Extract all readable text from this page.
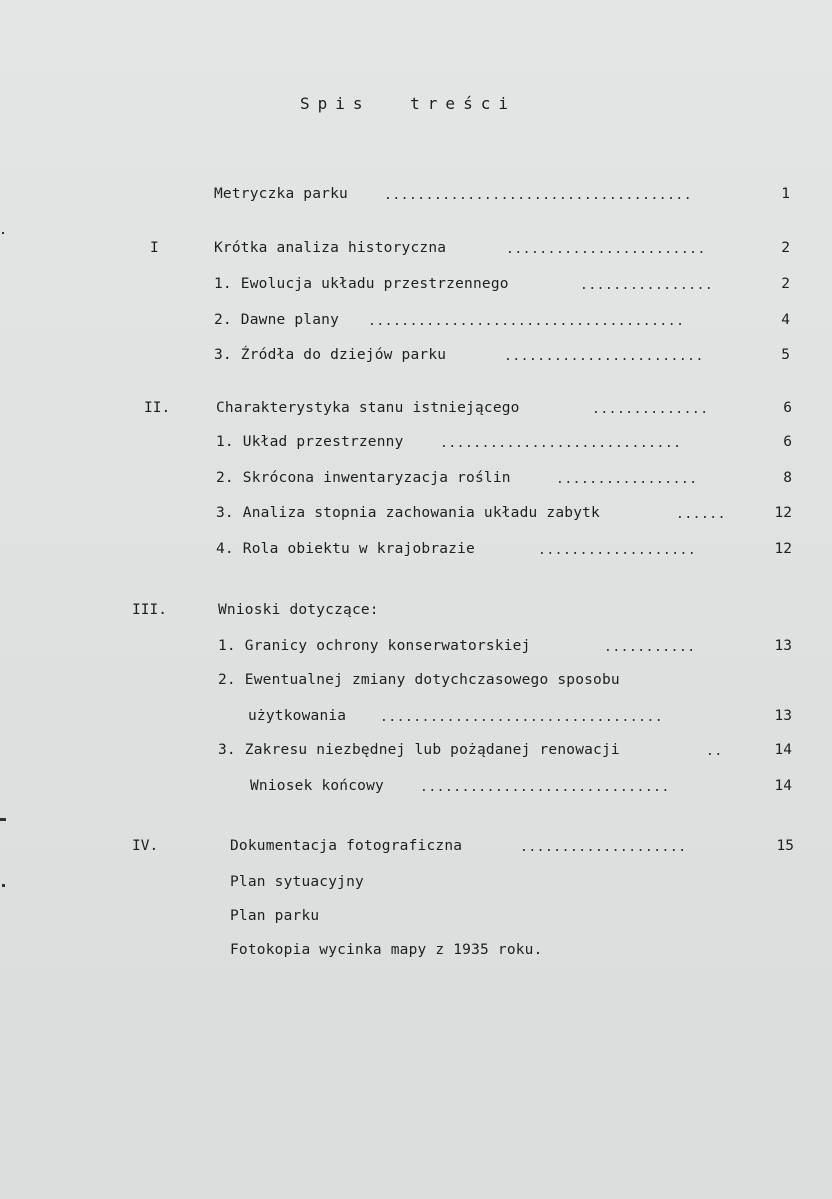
Spis treści
Metryczka parku	.....................................	1
I	Krótka analiza historyczna	........................	2
1. Ewolucja układu przestrzennego	................	2
2. Dawne plany ......................................	4
3. Źródła do dziejów parku	........................	5
II.	Charakterystyka stanu istniejącego	..............	6
1. Układ przestrzenny	.............................	6
2. Skrócona inwentaryzacja roślin	.................	8
3. Analiza stopnia zachowania układu zabytk	......	12
4. Rola obiektu w krajobrazie	...................	12
III.	Wnioski dotyczące:
1. Granicy ochrony konserwatorskiej	...........	13
2. Ewentualnej zmiany dotychczasowego sposobu
użytkowania	..................................	13
3. Zakresu niezbędnej lub pożądanej renowacji	..	14
Wniosek końcowy	..............................	14
IV.	Dokumentacja fotograficzna	....................	15
Plan sytuacyjny
Plan parku
Fotokopia wycinka mapy z 1935 roku.
